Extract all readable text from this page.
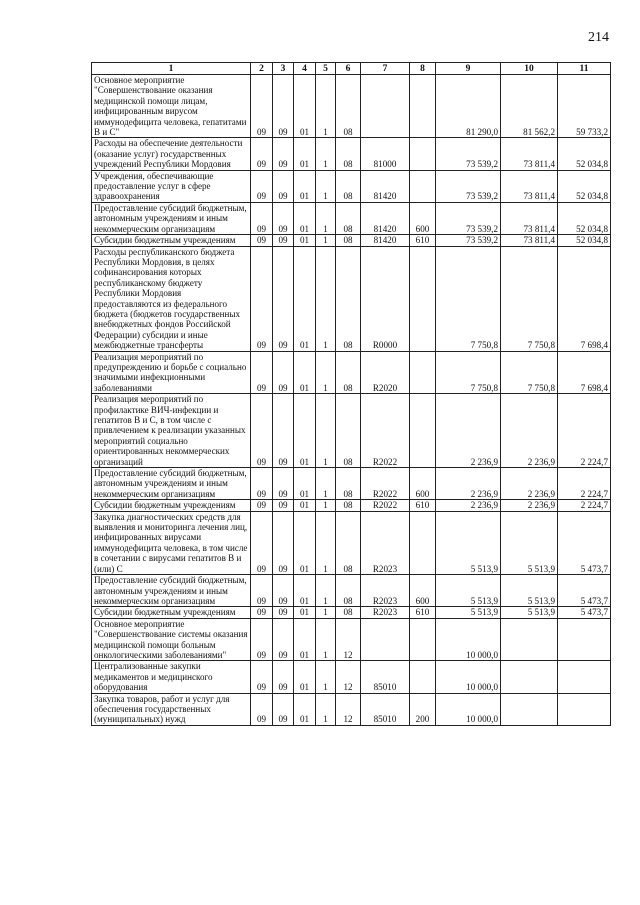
214
1	2	3	4	5	6	7	8	9	10	11
Основное мероприятие "Совершенствование оказания медицинской помощи лицам, инфицированным вирусом иммунодефицита человека, гепатитами В и С"	09	09	01	1	08			81 290,0	81 562,2	59 733,2
Расходы на обеспечение деятельности (оказание услуг) государственных учреждений Республики Мордовия	09	09	01	1	08	81000		73 539,2	73 811,4	52 034,8
Учреждения, обеспечивающие предоставление услуг в сфере здравоохранения	09	09	01	1	08	81420		73 539,2	73 811,4	52 034,8
Предоставление субсидий бюджетным, автономным учреждениям и иным некоммерческим организациям	09	09	01	1	08	81420	600	73 539,2	73 811,4	52 034,8
Субсидии бюджетным учреждениям	09	09	01	1	08	81420	610	73 539,2	73 811,4	52 034,8
Расходы республиканского бюджета Республики Мордовия, в целях софинансирования которых республиканскому бюджету Республики Мордовия предоставляются из федерального бюджета (бюджетов государственных внебюджетных фондов Российской Федерации) субсидии и иные межбюджетные трансферты	09	09	01	1	08	R0000		7 750,8	7 750,8	7 698,4
Реализация мероприятий по предупреждению и борьбе с социально значимыми инфекционными заболеваниями	09	09	01	1	08	R2020		7 750,8	7 750,8	7 698,4
Реализация мероприятий по профилактике ВИЧ-инфекции и гепатитов В и С, в том числе с привлечением к реализации указанных мероприятий социально ориентированных некоммерческих организаций	09	09	01	1	08	R2022		2 236,9	2 236,9	2 224,7
Предоставление субсидий бюджетным, автономным учреждениям и иным некоммерческим организациям	09	09	01	1	08	R2022	600	2 236,9	2 236,9	2 224,7
Субсидии бюджетным учреждениям	09	09	01	1	08	R2022	610	2 236,9	2 236,9	2 224,7
Закупка диагностических средств для выявления и мониторинга лечения лиц, инфицированных вирусами иммунодефицита человека, в том числе в сочетании с вирусами гепатитов В и (или) С	09	09	01	1	08	R2023		5 513,9	5 513,9	5 473,7
Предоставление субсидий бюджетным, автономным учреждениям и иным некоммерческим организациям	09	09	01	1	08	R2023	600	5 513,9	5 513,9	5 473,7
Субсидии бюджетным учреждениям	09	09	01	1	08	R2023	610	5 513,9	5 513,9	5 473,7
Основное мероприятие "Совершенствование системы оказания медицинской помощи больным онкологическими заболеваниями"	09	09	01	1	12			10 000,0		
Централизованные закупки медикаментов и медицинского оборудования	09	09	01	1	12	85010		10 000,0		
Закупка товаров, работ и услуг для обеспечения государственных (муниципальных) нужд	09	09	01	1	12	85010	200	10 000,0		
